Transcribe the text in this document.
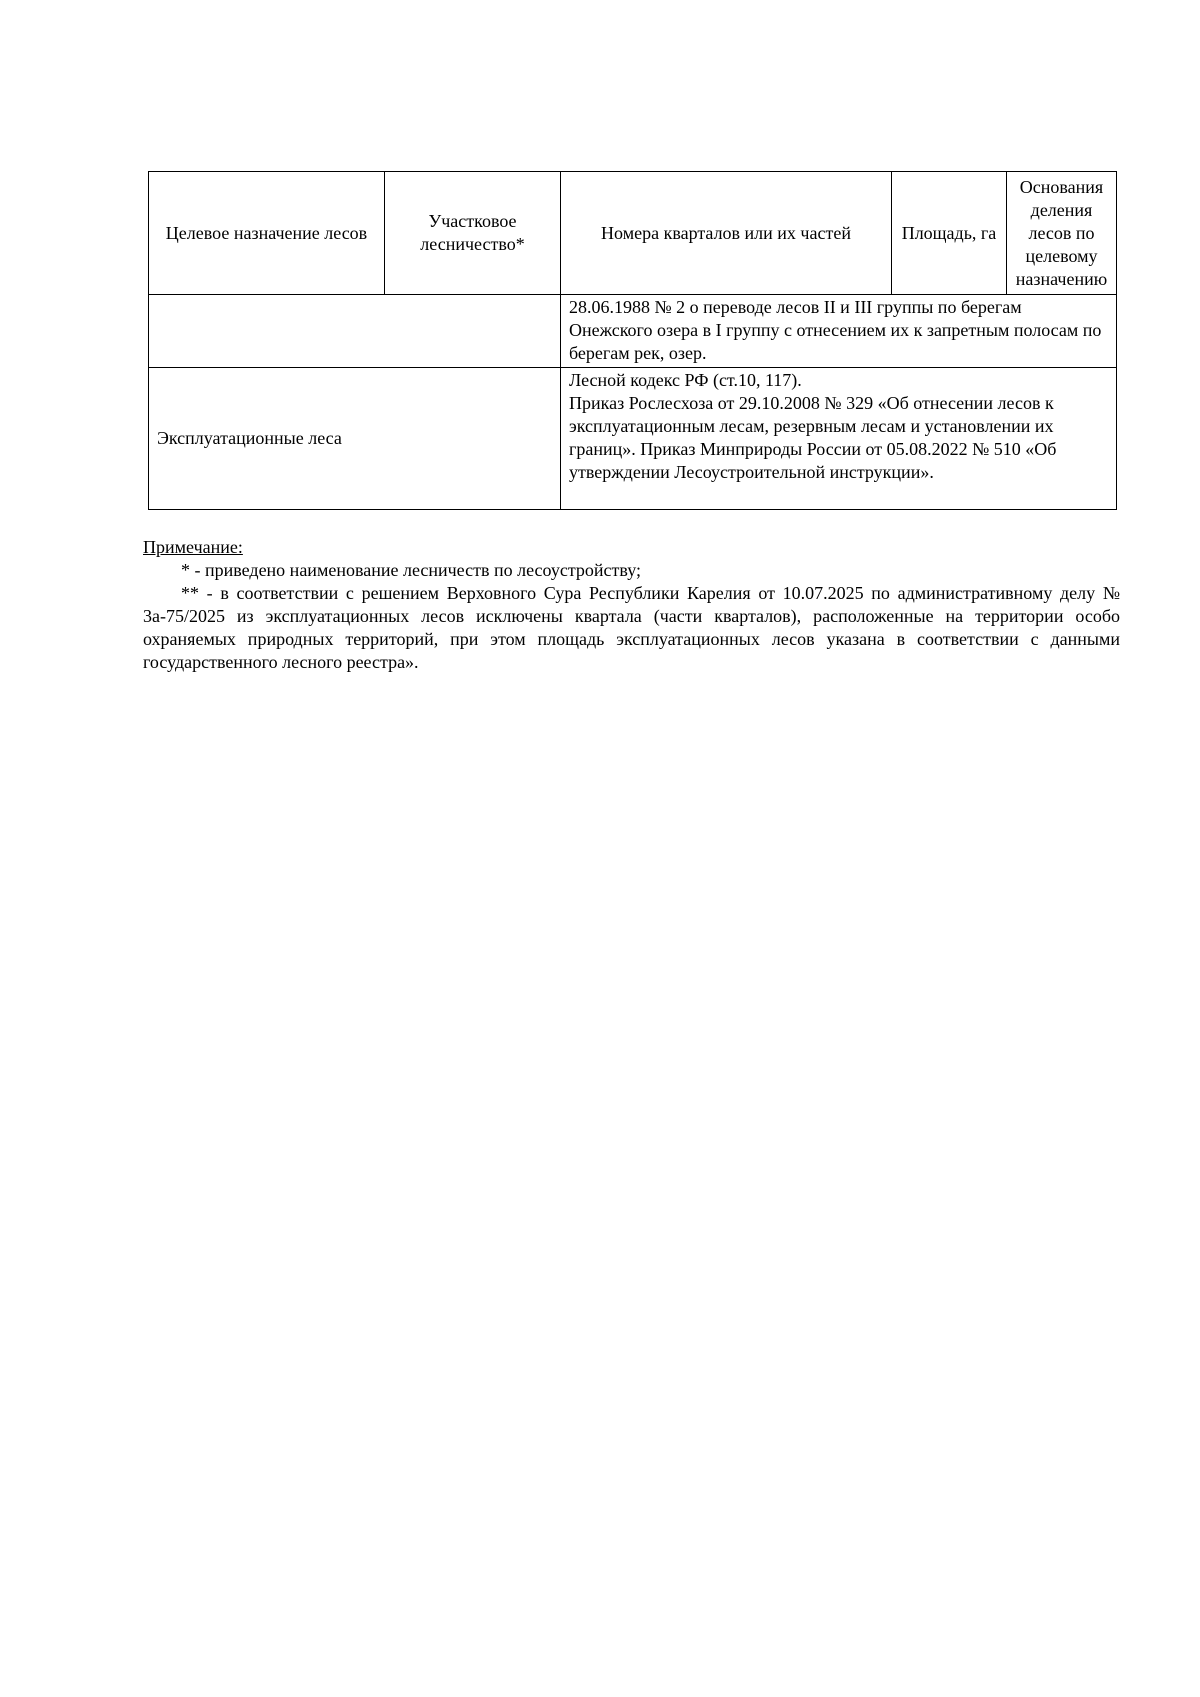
Целевое назначение лесов	Участковое лесничество*	Номера кварталов или их частей	Площадь, га	Основания деления лесов по целевому назначению

		28.06.1988 № 2 о переводе лесов II и III группы по берегам Онежского озера в I группу с отнесением их к запретным полосам по берегам рек, озер.		

Эксплуатационные леса		Лесной кодекс РФ (ст.10, 117).
Приказ Рослесхоза от 29.10.2008 № 329 «Об отнесении лесов к эксплуатационным лесам, резервным лесам и установлении их границ». Приказ Минприроды России от 05.08.2022 № 510 «Об утверждении Лесоустроительной инструкции».		
Примечание:

* - приведено наименование лесничеств по лесоустройству;

** - в соответствии с решением Верховного Сура Республики Карелия от 10.07.2025 по административному делу № 3а-75/2025 из эксплуатационных лесов исключены квартала (части кварталов), расположенные на территории особо охраняемых природных территорий, при этом площадь эксплуатационных лесов указана в соответствии с данными государственного лесного реестра».
